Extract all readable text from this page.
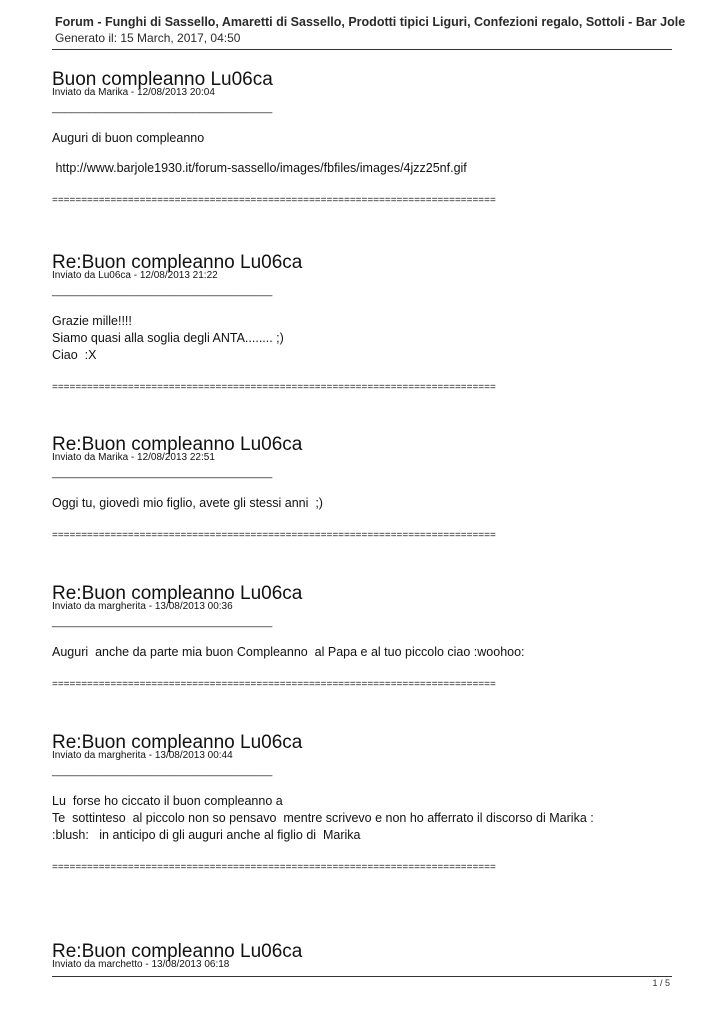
Forum - Funghi di Sassello, Amaretti di Sassello, Prodotti tipici Liguri, Confezioni regalo, Sottoli - Bar Jole
Generato il: 15 March, 2017, 04:50
Buon compleanno Lu06ca
Inviato da Marika - 12/08/2013 20:04
____________________________________
Auguri di buon compleanno
http://www.barjole1930.it/forum-sassello/images/fbfiles/images/4jzz25nf.gif
============================================================================
Re:Buon compleanno Lu06ca
Inviato da Lu06ca - 12/08/2013 21:22
____________________________________
Grazie mille!!!!
Siamo quasi alla soglia degli ANTA........ ;)
Ciao  :X
============================================================================
Re:Buon compleanno Lu06ca
Inviato da Marika - 12/08/2013 22:51
____________________________________
Oggi tu, giovedì mio figlio, avete gli stessi anni  ;)
============================================================================
Re:Buon compleanno Lu06ca
Inviato da margherita - 13/08/2013 00:36
____________________________________
Auguri  anche da parte mia buon Compleanno  al Papa e al tuo piccolo ciao :woohoo:
============================================================================
Re:Buon compleanno Lu06ca
Inviato da margherita - 13/08/2013 00:44
____________________________________
Lu  forse ho ciccato il buon compleanno a
Te  sottinteso  al piccolo non so pensavo  mentre scrivevo e non ho afferrato il discorso di Marika :
:blush:   in anticipo di gli auguri anche al figlio di  Marika
============================================================================
Re:Buon compleanno Lu06ca
Inviato da marchetto - 13/08/2013 06:18
1 / 5
